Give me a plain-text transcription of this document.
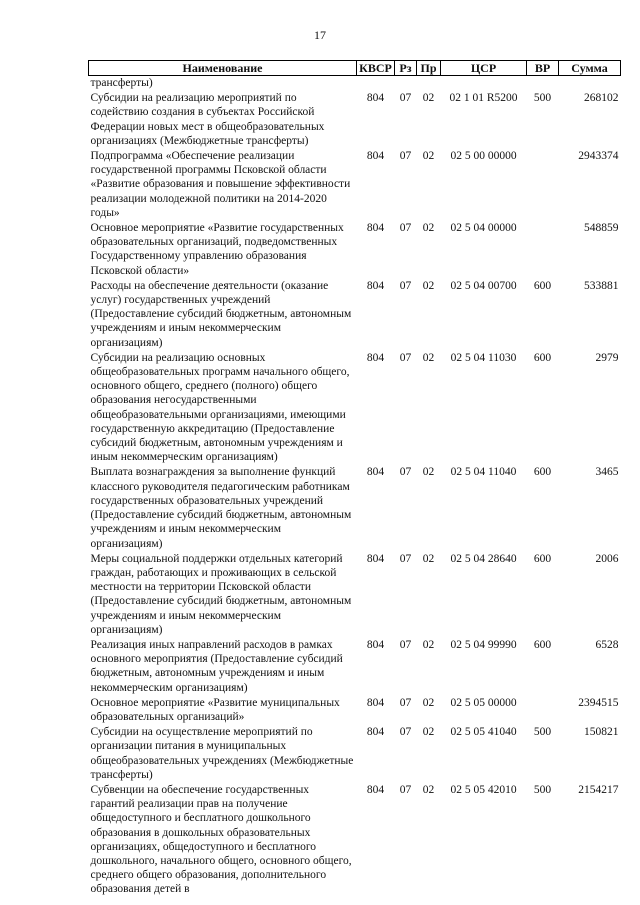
17
Наименование	КВСР	Рз	Пр	ЦСР	ВР	Сумма
трансферты)						
Субсидии на реализацию мероприятий по содействию создания в субъектах Российской Федерации новых мест в общеобразовательных организациях (Межбюджетные трансферты)	804	07	02	02 1 01 R5200	500	268102
Подпрограмма «Обеспечение реализации государственной программы Псковской области «Развитие образования и повышение эффективности реализации молодежной политики на 2014-2020 годы»	804	07	02	02 5 00 00000		2943374
Основное мероприятие «Развитие государственных образовательных организаций, подведомственных Государственному управлению образования Псковской области»	804	07	02	02 5 04 00000		548859
Расходы на обеспечение деятельности (оказание услуг) государственных учреждений (Предоставление субсидий бюджетным, автономным учреждениям и иным некоммерческим организациям)	804	07	02	02 5 04 00700	600	533881
Субсидии на реализацию основных общеобразовательных программ начального общего, основного общего, среднего (полного) общего образования негосударственными общеобразовательными организациями, имеющими государственную аккредитацию (Предоставление субсидий бюджетным, автономным учреждениям и иным некоммерческим организациям)	804	07	02	02 5 04 11030	600	2979
Выплата вознаграждения за выполнение функций классного руководителя педагогическим работникам государственных образовательных учреждений (Предоставление субсидий бюджетным, автономным учреждениям и иным некоммерческим организациям)	804	07	02	02 5 04 11040	600	3465
Меры социальной поддержки отдельных категорий граждан, работающих и проживающих в сельской местности на территории Псковской области (Предоставление субсидий бюджетным, автономным учреждениям и иным некоммерческим организациям)	804	07	02	02 5 04 28640	600	2006
Реализация иных направлений расходов в рамках основного мероприятия (Предоставление субсидий бюджетным, автономным учреждениям и иным некоммерческим организациям)	804	07	02	02 5 04 99990	600	6528
Основное мероприятие «Развитие муниципальных образовательных организаций»	804	07	02	02 5 05 00000		2394515
Субсидии на осуществление мероприятий по организации питания в муниципальных общеобразовательных учреждениях (Межбюджетные трансферты)	804	07	02	02 5 05 41040	500	150821
Субвенции на обеспечение государственных гарантий реализации прав на получение общедоступного и бесплатного дошкольного образования в дошкольных образовательных организациях, общедоступного и бесплатного дошкольного, начального общего, основного общего, среднего общего образования, дополнительного образования детей в	804	07	02	02 5 05 42010	500	2154217
